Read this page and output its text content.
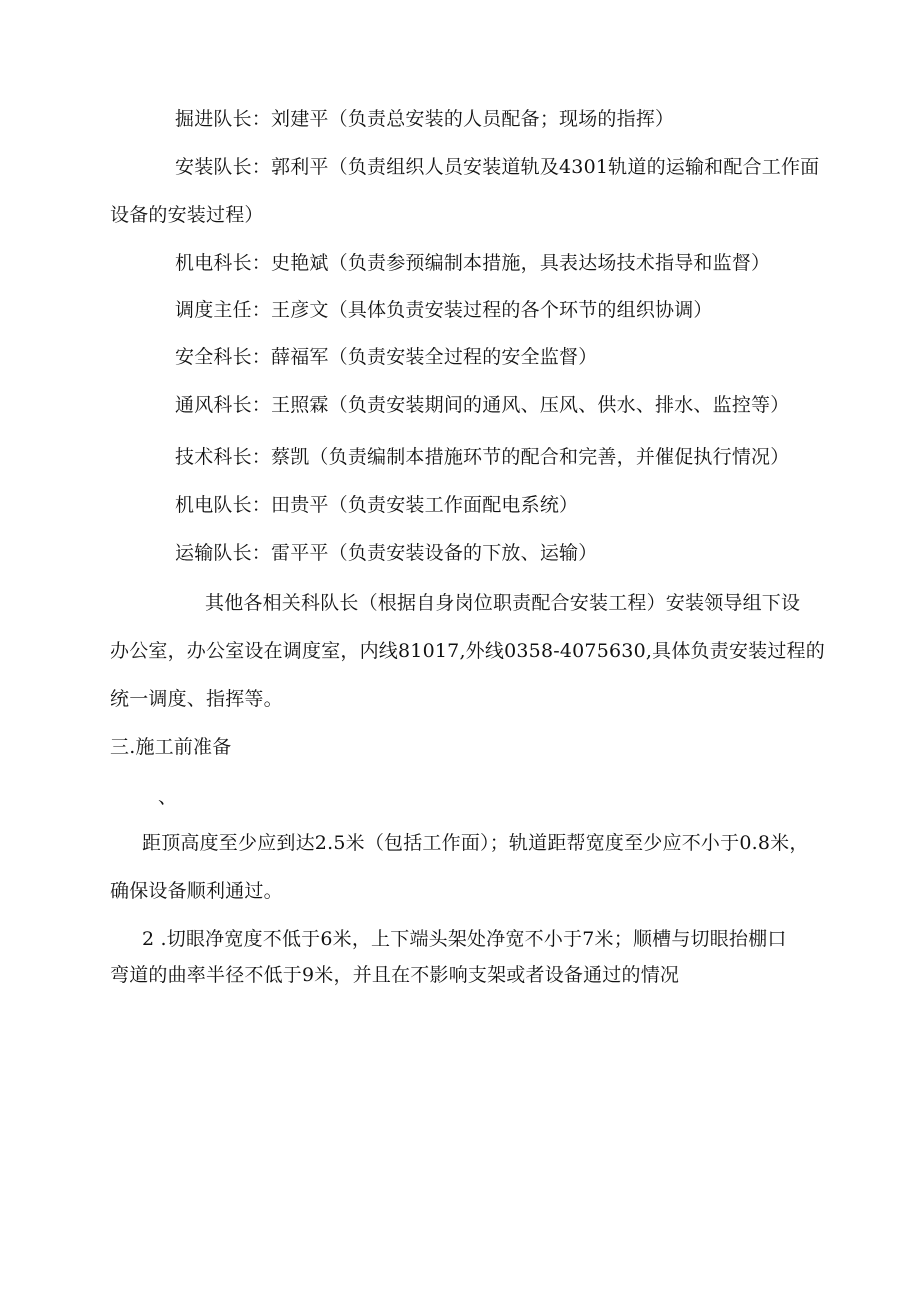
掘进队长：刘建平（负责总安装的人员配备；现场的指挥）
安装队长：郭利平（负责组织人员安装道轨及4301轨道的运输和配合工作面
设备的安装过程）
机电科长：史艳斌（负责参预编制本措施，具表达场技术指导和监督）
调度主任：王彦文（具体负责安装过程的各个环节的组织协调）
安全科长：薛福军（负责安装全过程的安全监督）
通风科长：王照霖（负责安装期间的通风、压风、供水、排水、监控等）
技术科长：蔡凯（负责编制本措施环节的配合和完善，并催促执行情况）
机电队长：田贵平（负责安装工作面配电系统）
运输队长：雷平平（负责安装设备的下放、运输）
其他各相关科队长（根据自身岗位职责配合安装工程）安装领导组下设
办公室，办公室设在调度室，内线81017,外线0358-4075630,具体负责安装过程的
统一调度、指挥等。
三.施工前准备
、
距顶高度至少应到达2.5米（包括工作面）；轨道距帮宽度至少应不小于0.8米，
确保设备顺利通过。
2 .切眼净宽度不低于6米，上下端头架处净宽不小于7米；顺槽与切眼抬棚口
弯道的曲率半径不低于9米，并且在不影响支架或者设备通过的情况
